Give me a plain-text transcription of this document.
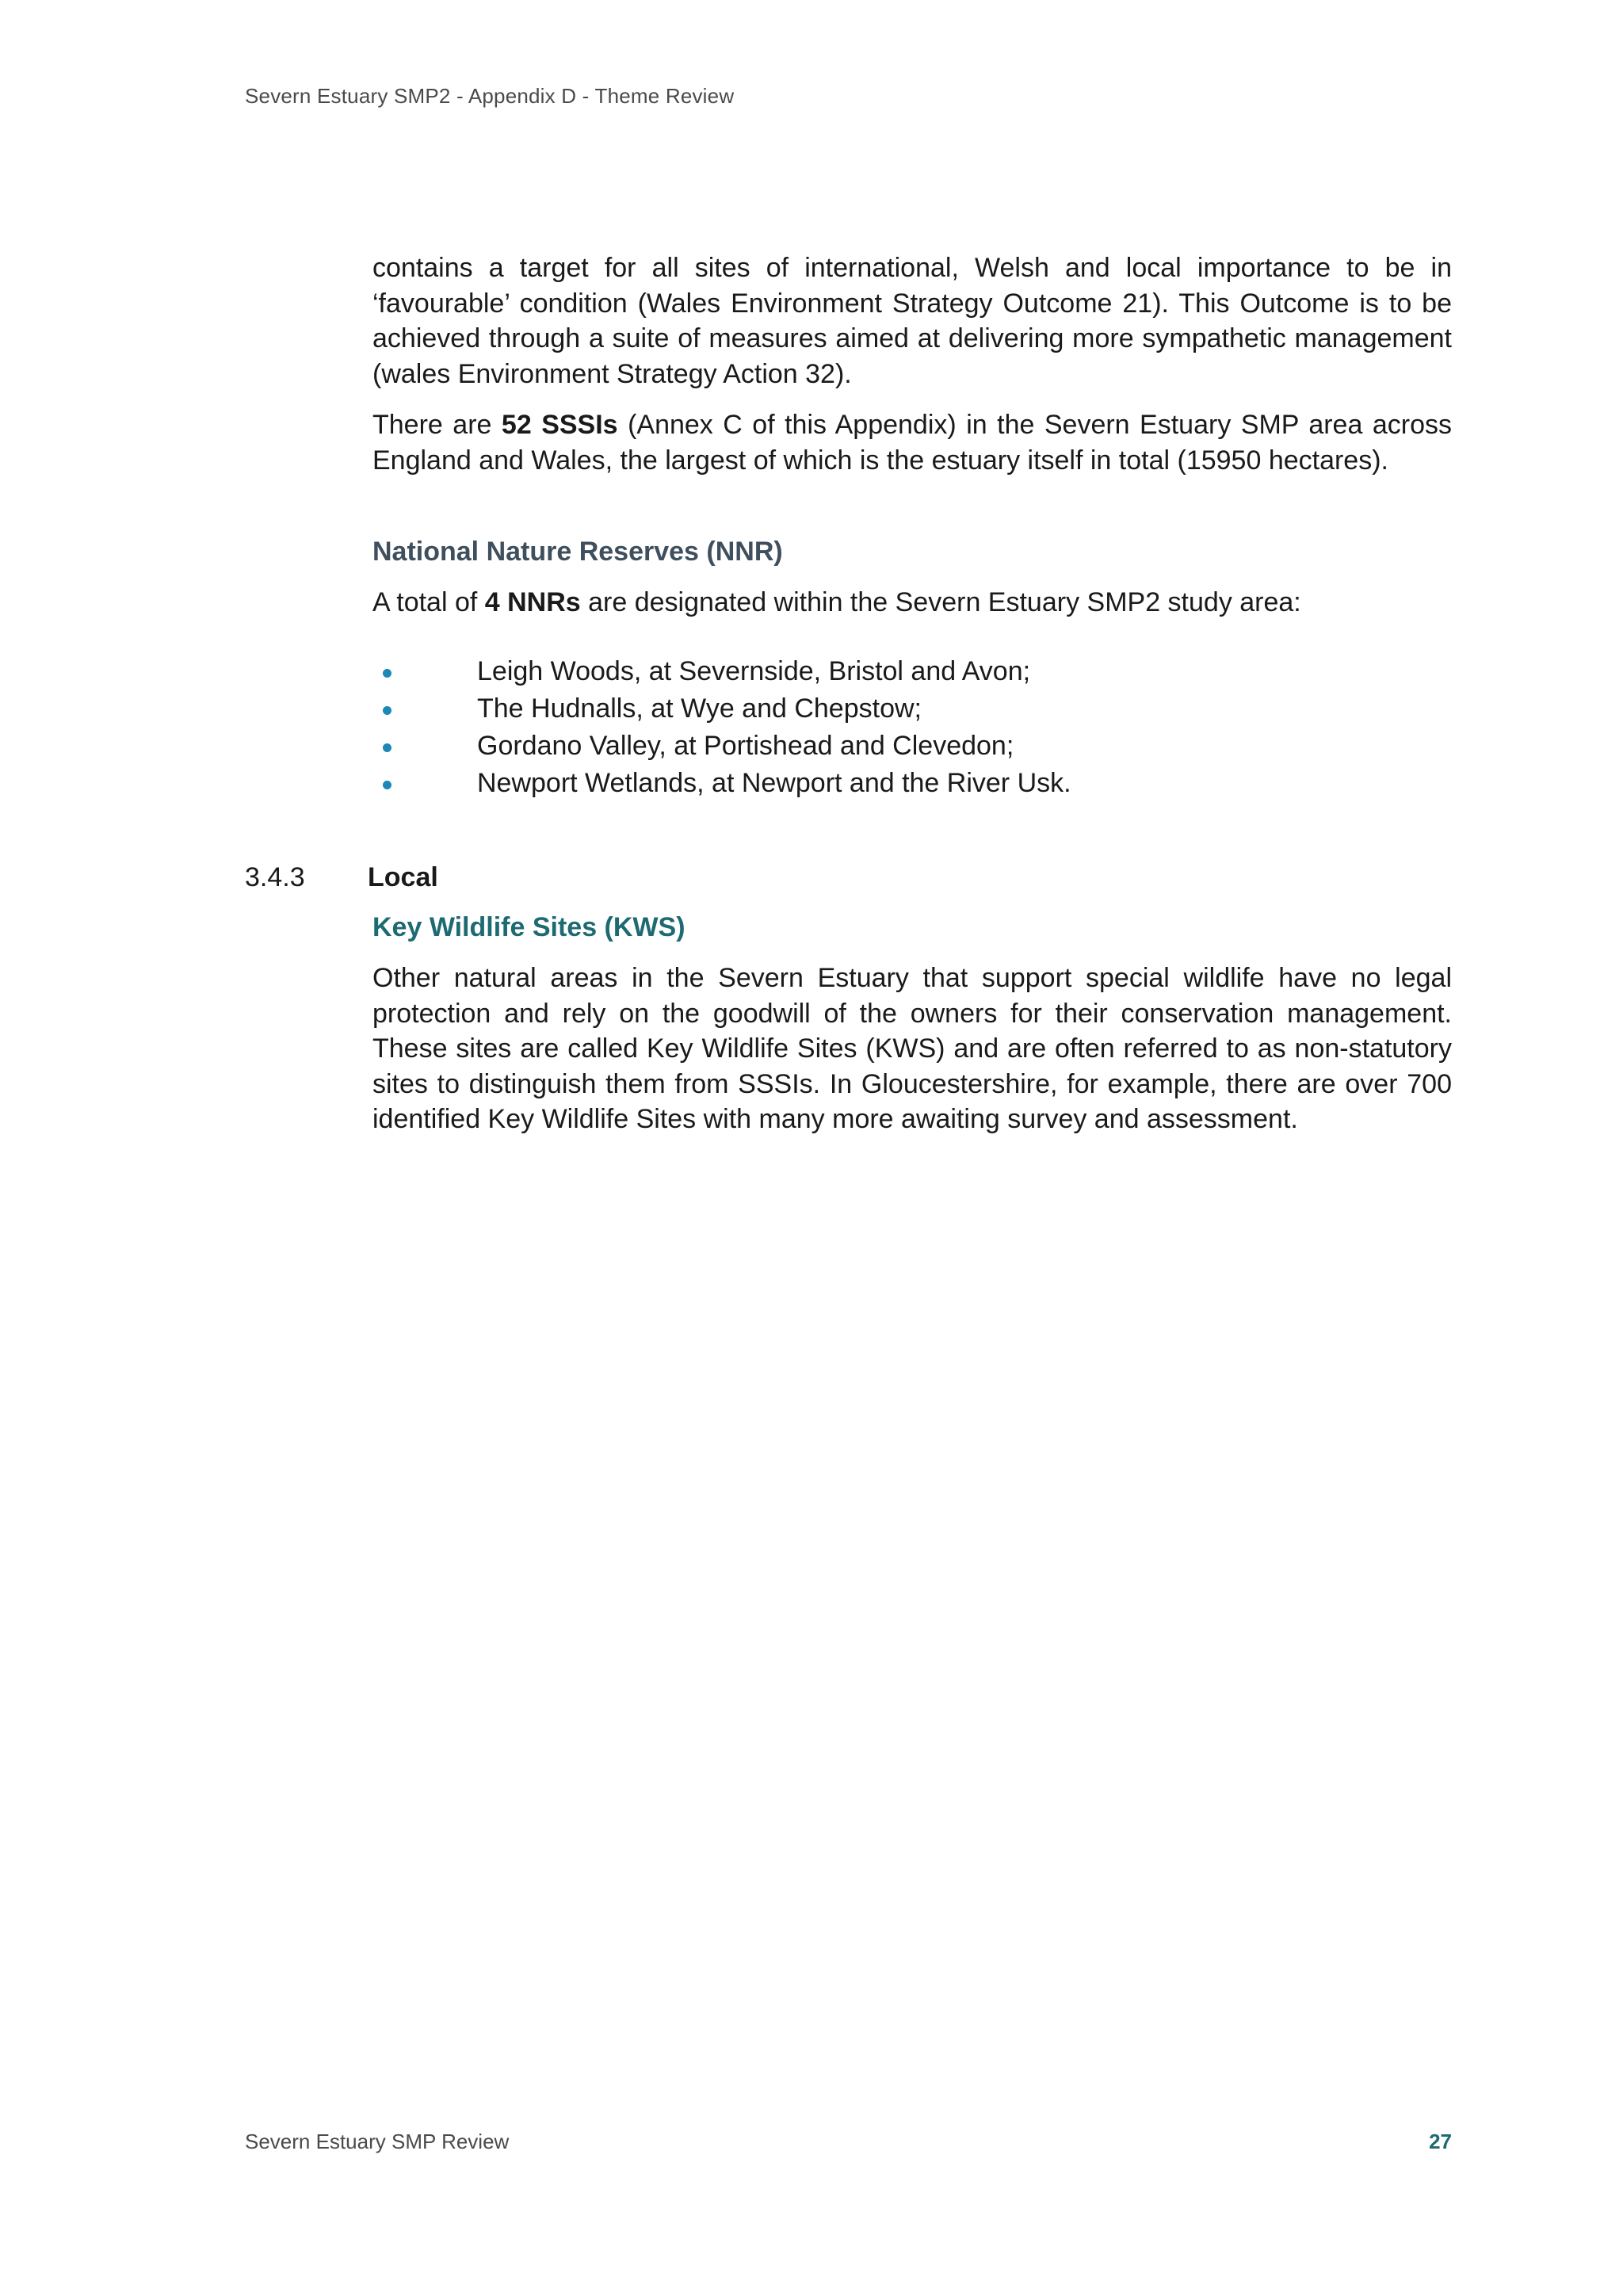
Severn Estuary SMP2 - Appendix D - Theme Review

contains a target for all sites of international, Welsh and local importance to be in ‘favourable’ condition (Wales Environment Strategy Outcome 21). This Outcome is to be achieved through a suite of measures aimed at delivering more sympathetic management (wales Environment Strategy Action 32).

There are 52 SSSIs (Annex C of this Appendix) in the Severn Estuary SMP area across England and Wales, the largest of which is the estuary itself in total (15950 hectares).

National Nature Reserves (NNR)

A total of 4 NNRs are designated within the Severn Estuary SMP2 study area:

Leigh Woods, at Severnside, Bristol and Avon;
The Hudnalls, at Wye and Chepstow;
Gordano Valley, at Portishead and Clevedon;
Newport Wetlands, at Newport and the River Usk.
3.4.3 Local

Key Wildlife Sites (KWS)

Other natural areas in the Severn Estuary that support special wildlife have no legal protection and rely on the goodwill of the owners for their conservation management. These sites are called Key Wildlife Sites (KWS) and are often referred to as non-statutory sites to distinguish them from SSSIs. In Gloucestershire, for example, there are over 700 identified Key Wildlife Sites with many more awaiting survey and assessment.

Severn Estuary SMP Review	27
